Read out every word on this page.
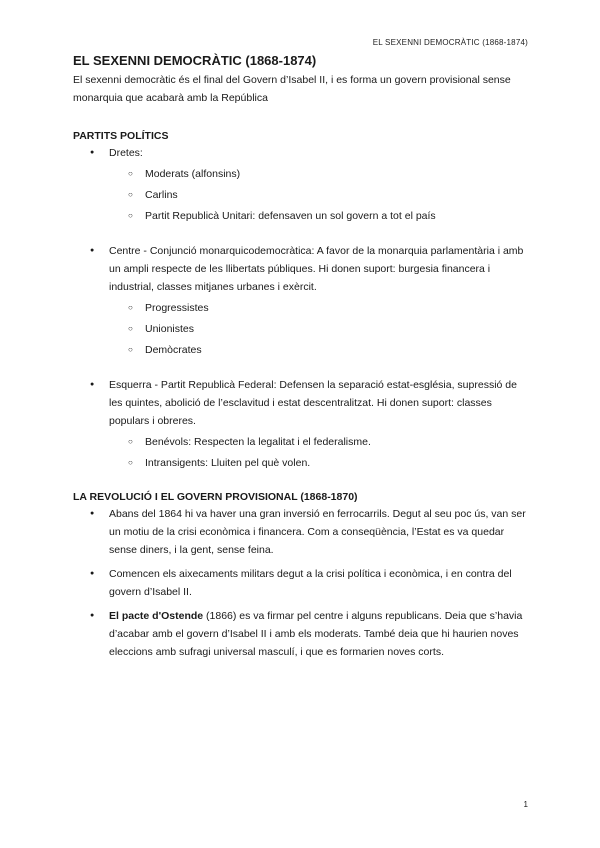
EL SEXENNI DEMOCRÀTIC (1868-1874)
EL SEXENNI DEMOCRÀTIC (1868-1874)

El sexenni democràtic és el final del Govern d’Isabel II, i es forma un govern provisional sense monarquia que acabarà amb la República

PARTITS POLÍTICS
● Dretes:
○ Moderats (alfonsins)
○ Carlins
○ Partit Republicà Unitari: defensaven un sol govern a tot el país
● Centre - Conjunció monarquicodemocràtica: A favor de la monarquia parlamentària i amb un ampli respecte de les llibertats públiques. Hi donen suport: burgesia financera i industrial, classes mitjanes urbanes i exèrcit.
○ Progressistes
○ Unionistes
○ Demòcrates
● Esquerra - Partit Republicà Federal: Defensen la separació estat-església, supressió de les quintes, abolició de l’esclavitud i estat descentralitzat. Hi donen suport: classes populars i obreres.
○ Benévols: Respecten la legalitat i el federalisme.
○ Intransigents: Lluiten pel què volen.
LA REVOLUCIÓ I EL GOVERN PROVISIONAL (1868-1870)
● Abans del 1864 hi va haver una gran inversió en ferrocarrils. Degut al seu poc ús, van ser un motiu de la crisi econòmica i financera. Com a conseqüència, l’Estat es va quedar sense diners, i la gent, sense feina.
● Comencen els aixecaments militars degut a la crisi política i econòmica, i en contra del govern d’Isabel II.
● El pacte d'Ostende (1866) es va firmar pel centre i alguns republicans. Deia que s’havia d’acabar amb el govern d’Isabel II i amb els moderats. També deia que hi haurien noves eleccions amb sufragi universal masculí, i que es formarien noves corts.
1
